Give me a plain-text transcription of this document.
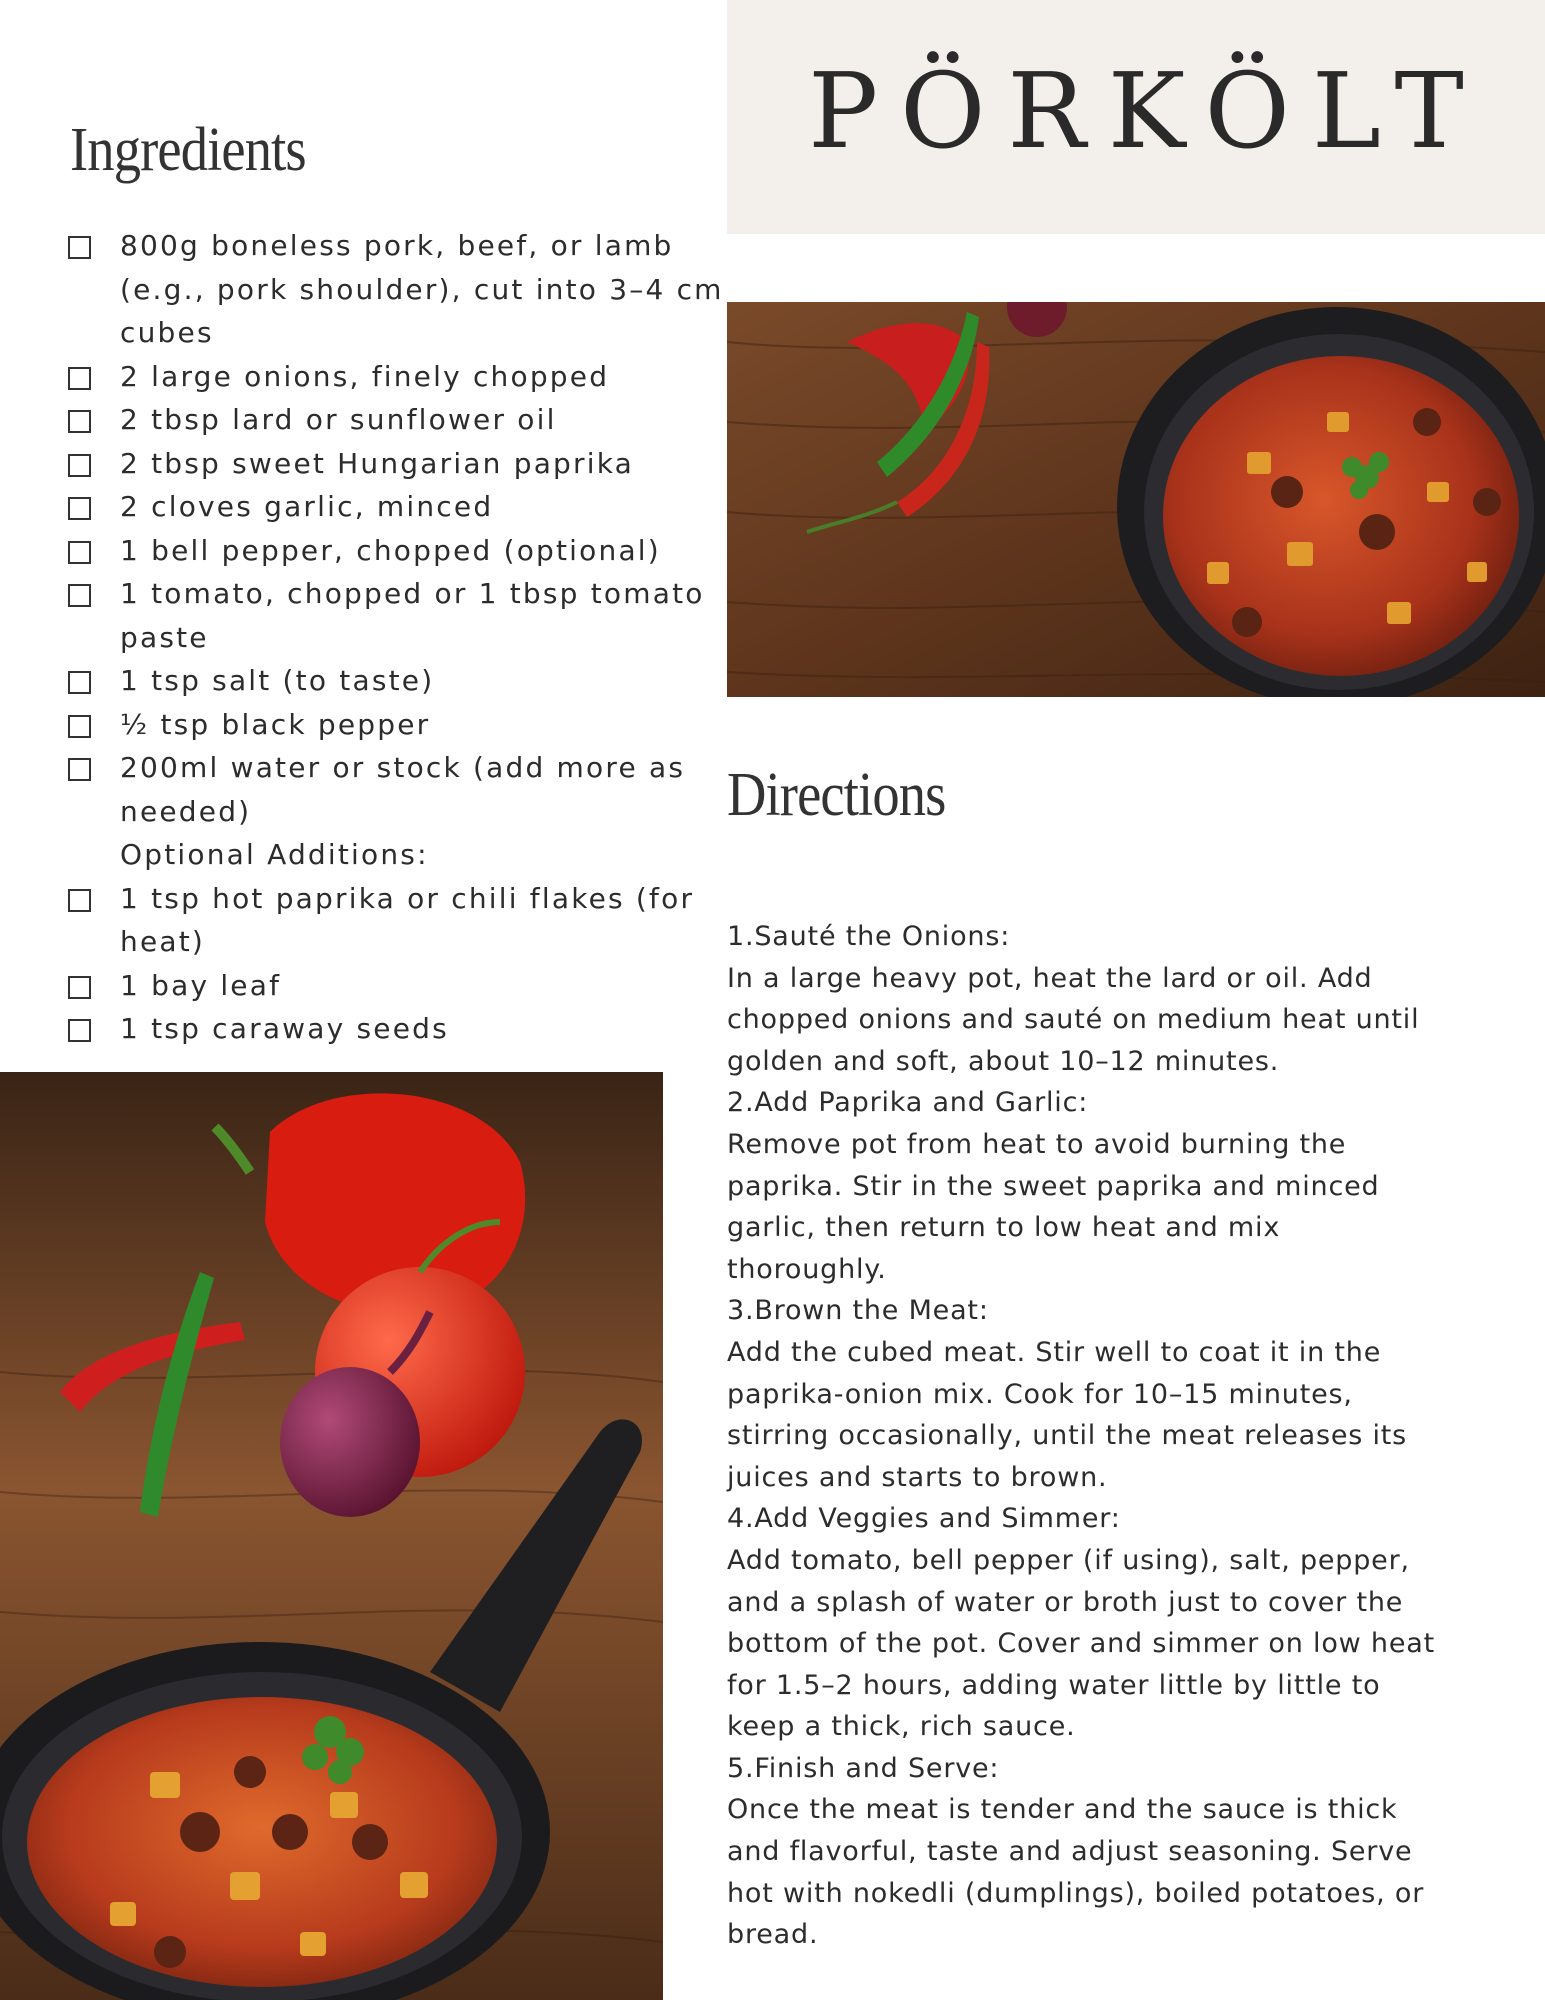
PÖRKÖLT
Ingredients
800g boneless pork, beef, or lamb (e.g., pork shoulder), cut into 3–4 cm cubes
2 large onions, finely chopped
2 tbsp lard or sunflower oil
2 tbsp sweet Hungarian paprika
2 cloves garlic, minced
1 bell pepper, chopped (optional)
1 tomato, chopped or 1 tbsp tomato paste
1 tsp salt (to taste)
½ tsp black pepper
200ml water or stock (add more as needed)
Optional Additions:
1 tsp hot paprika or chili flakes (for heat)
1 bay leaf
1 tsp caraway seeds
Directions
1.Sauté the Onions:
In a large heavy pot, heat the lard or oil. Add chopped onions and sauté on medium heat until golden and soft, about 10–12 minutes.
2.Add Paprika and Garlic:
Remove pot from heat to avoid burning the paprika. Stir in the sweet paprika and minced garlic, then return to low heat and mix thoroughly.
3.Brown the Meat:
Add the cubed meat. Stir well to coat it in the paprika-onion mix. Cook for 10–15 minutes, stirring occasionally, until the meat releases its juices and starts to brown.
4.Add Veggies and Simmer:
Add tomato, bell pepper (if using), salt, pepper, and a splash of water or broth just to cover the bottom of the pot. Cover and simmer on low heat for 1.5–2 hours, adding water little by little to keep a thick, rich sauce.
5.Finish and Serve:
Once the meat is tender and the sauce is thick and flavorful, taste and adjust seasoning. Serve hot with nokedli (dumplings), boiled potatoes, or bread.
